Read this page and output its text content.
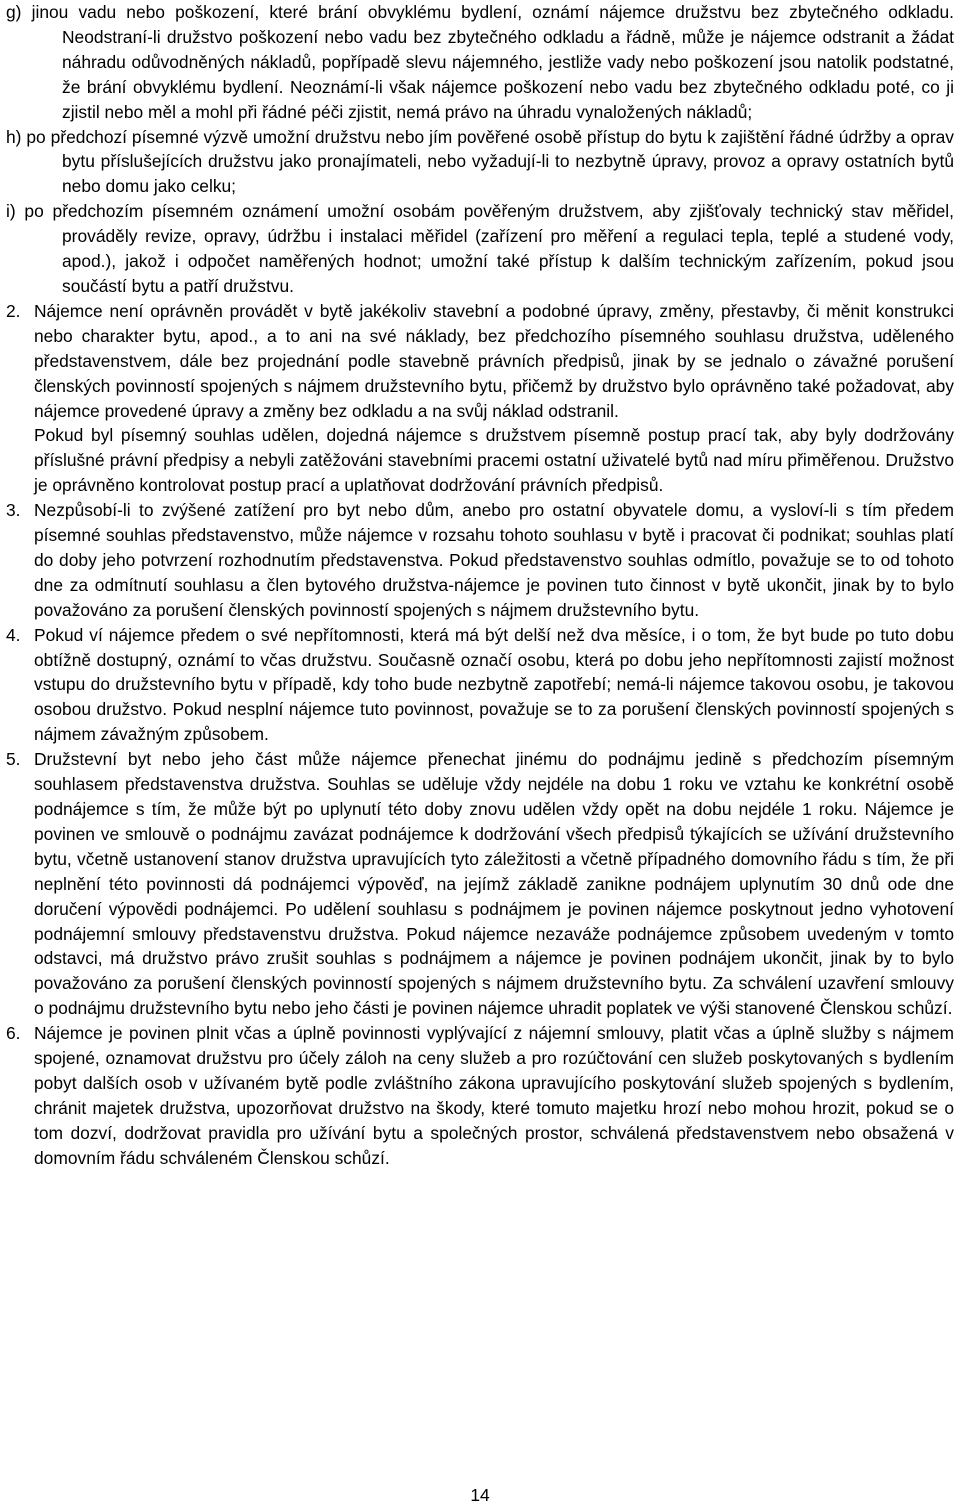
g) jinou vadu nebo poškození, které brání obvyklému bydlení, oznámí nájemce družstvu bez zbytečného odkladu. Neodstraní-li družstvo poškození nebo vadu bez zbytečného odkladu a řádně, může je nájemce odstranit a žádat náhradu odůvodněných nákladů, popřípadě slevu nájemného, jestliže vady nebo poškození jsou natolik podstatné, že brání obvyklému bydlení. Neoznámí-li však nájemce poškození nebo vadu bez zbytečného odkladu poté, co ji zjistil nebo měl a mohl při řádné péči zjistit, nemá právo na úhradu vynaložených nákladů;

h) po předchozí písemné výzvě umožní družstvu nebo jím pověřené osobě přístup do bytu k zajištění řádné údržby a oprav bytu příslušejících družstvu jako pronajímateli, nebo vyžadují-li to nezbytně úpravy, provoz a opravy ostatních bytů nebo domu jako celku;

i) po předchozím písemném oznámení umožní osobám pověřeným družstvem, aby zjišťovaly technický stav měřidel, prováděly revize, opravy, údržbu i instalaci měřidel (zařízení pro měření a regulaci tepla, teplé a studené vody, apod.), jakož i odpočet naměřených hodnot; umožní také přístup k dalším technickým zařízením, pokud jsou součástí bytu a patří družstvu.

2. Nájemce není oprávněn provádět v bytě jakékoliv stavební a podobné úpravy, změny, přestavby, či měnit konstrukci nebo charakter bytu, apod., a to ani na své náklady, bez předchozího písemného souhlasu družstva, uděleného představenstvem, dále bez projednání podle stavebně právních předpisů, jinak by se jednalo o závažné porušení členských povinností spojených s nájmem družstevního bytu, přičemž by družstvo bylo oprávněno také požadovat, aby nájemce provedené úpravy a změny bez odkladu a na svůj náklad odstranil.

Pokud byl písemný souhlas udělen, dojedná nájemce s družstvem písemně postup prací tak, aby byly dodržovány příslušné právní předpisy a nebyli zatěžováni stavebními pracemi ostatní uživatelé bytů nad míru přiměřenou. Družstvo je oprávněno kontrolovat postup prací a uplatňovat dodržování právních předpisů.

3. Nezpůsobí-li to zvýšené zatížení pro byt nebo dům, anebo pro ostatní obyvatele domu, a vysloví-li s tím předem písemné souhlas představenstvo, může nájemce v rozsahu tohoto souhlasu v bytě i pracovat či podnikat; souhlas platí do doby jeho potvrzení rozhodnutím představenstva. Pokud představenstvo souhlas odmítlo, považuje se to od tohoto dne za odmítnutí souhlasu a člen bytového družstva-nájemce je povinen tuto činnost v bytě ukončit, jinak by to bylo považováno za porušení členských povinností spojených s nájmem družstevního bytu.

4. Pokud ví nájemce předem o své nepřítomnosti, která má být delší než dva měsíce, i o tom, že byt bude po tuto dobu obtížně dostupný, oznámí to včas družstvu. Současně označí osobu, která po dobu jeho nepřítomnosti zajistí možnost vstupu do družstevního bytu v případě, kdy toho bude nezbytně zapotřebí; nemá-li nájemce takovou osobu, je takovou osobou družstvo. Pokud nesplní nájemce tuto povinnost, považuje se to za porušení členských povinností spojených s nájmem závažným způsobem.

5. Družstevní byt nebo jeho část může nájemce přenechat jinému do podnájmu jedině s předchozím písemným souhlasem představenstva družstva. Souhlas se uděluje vždy nejdéle na dobu 1 roku ve vztahu ke konkrétní osobě podnájemce s tím, že může být po uplynutí této doby znovu udělen vždy opět na dobu nejdéle 1 roku. Nájemce je povinen ve smlouvě o podnájmu zavázat podnájemce k dodržování všech předpisů týkajících se užívání družstevního bytu, včetně ustanovení stanov družstva upravujících tyto záležitosti a včetně případného domovního řádu s tím, že při neplnění této povinnosti dá podnájemci výpověď, na jejímž základě zanikne podnájem uplynutím 30 dnů ode dne doručení výpovědi podnájemci. Po udělení souhlasu s podnájmem je povinen nájemce poskytnout jedno vyhotovení podnájemní smlouvy představenstvu družstva. Pokud nájemce nezaváže podnájemce způsobem uvedeným v tomto odstavci, má družstvo právo zrušit souhlas s podnájmem a nájemce je povinen podnájem ukončit, jinak by to bylo považováno za porušení členských povinností spojených s nájmem družstevního bytu. Za schválení uzavření smlouvy o podnájmu družstevního bytu nebo jeho části je povinen nájemce uhradit poplatek ve výši stanovené Členskou schůzí.

6. Nájemce je povinen plnit včas a úplně povinnosti vyplývající z nájemní smlouvy, platit včas a úplně služby s nájmem spojené, oznamovat družstvu pro účely záloh na ceny služeb a pro rozúčtování cen služeb poskytovaných s bydlením pobyt dalších osob v užívaném bytě podle zvláštního zákona upravujícího poskytování služeb spojených s bydlením, chránit majetek družstva, upozorňovat družstvo na škody, které tomuto majetku hrozí nebo mohou hrozit, pokud se o tom dozví, dodržovat pravidla pro užívání bytu a společných prostor, schválená představenstvem nebo obsažená v domovním řádu schváleném Členskou schůzí.

14
